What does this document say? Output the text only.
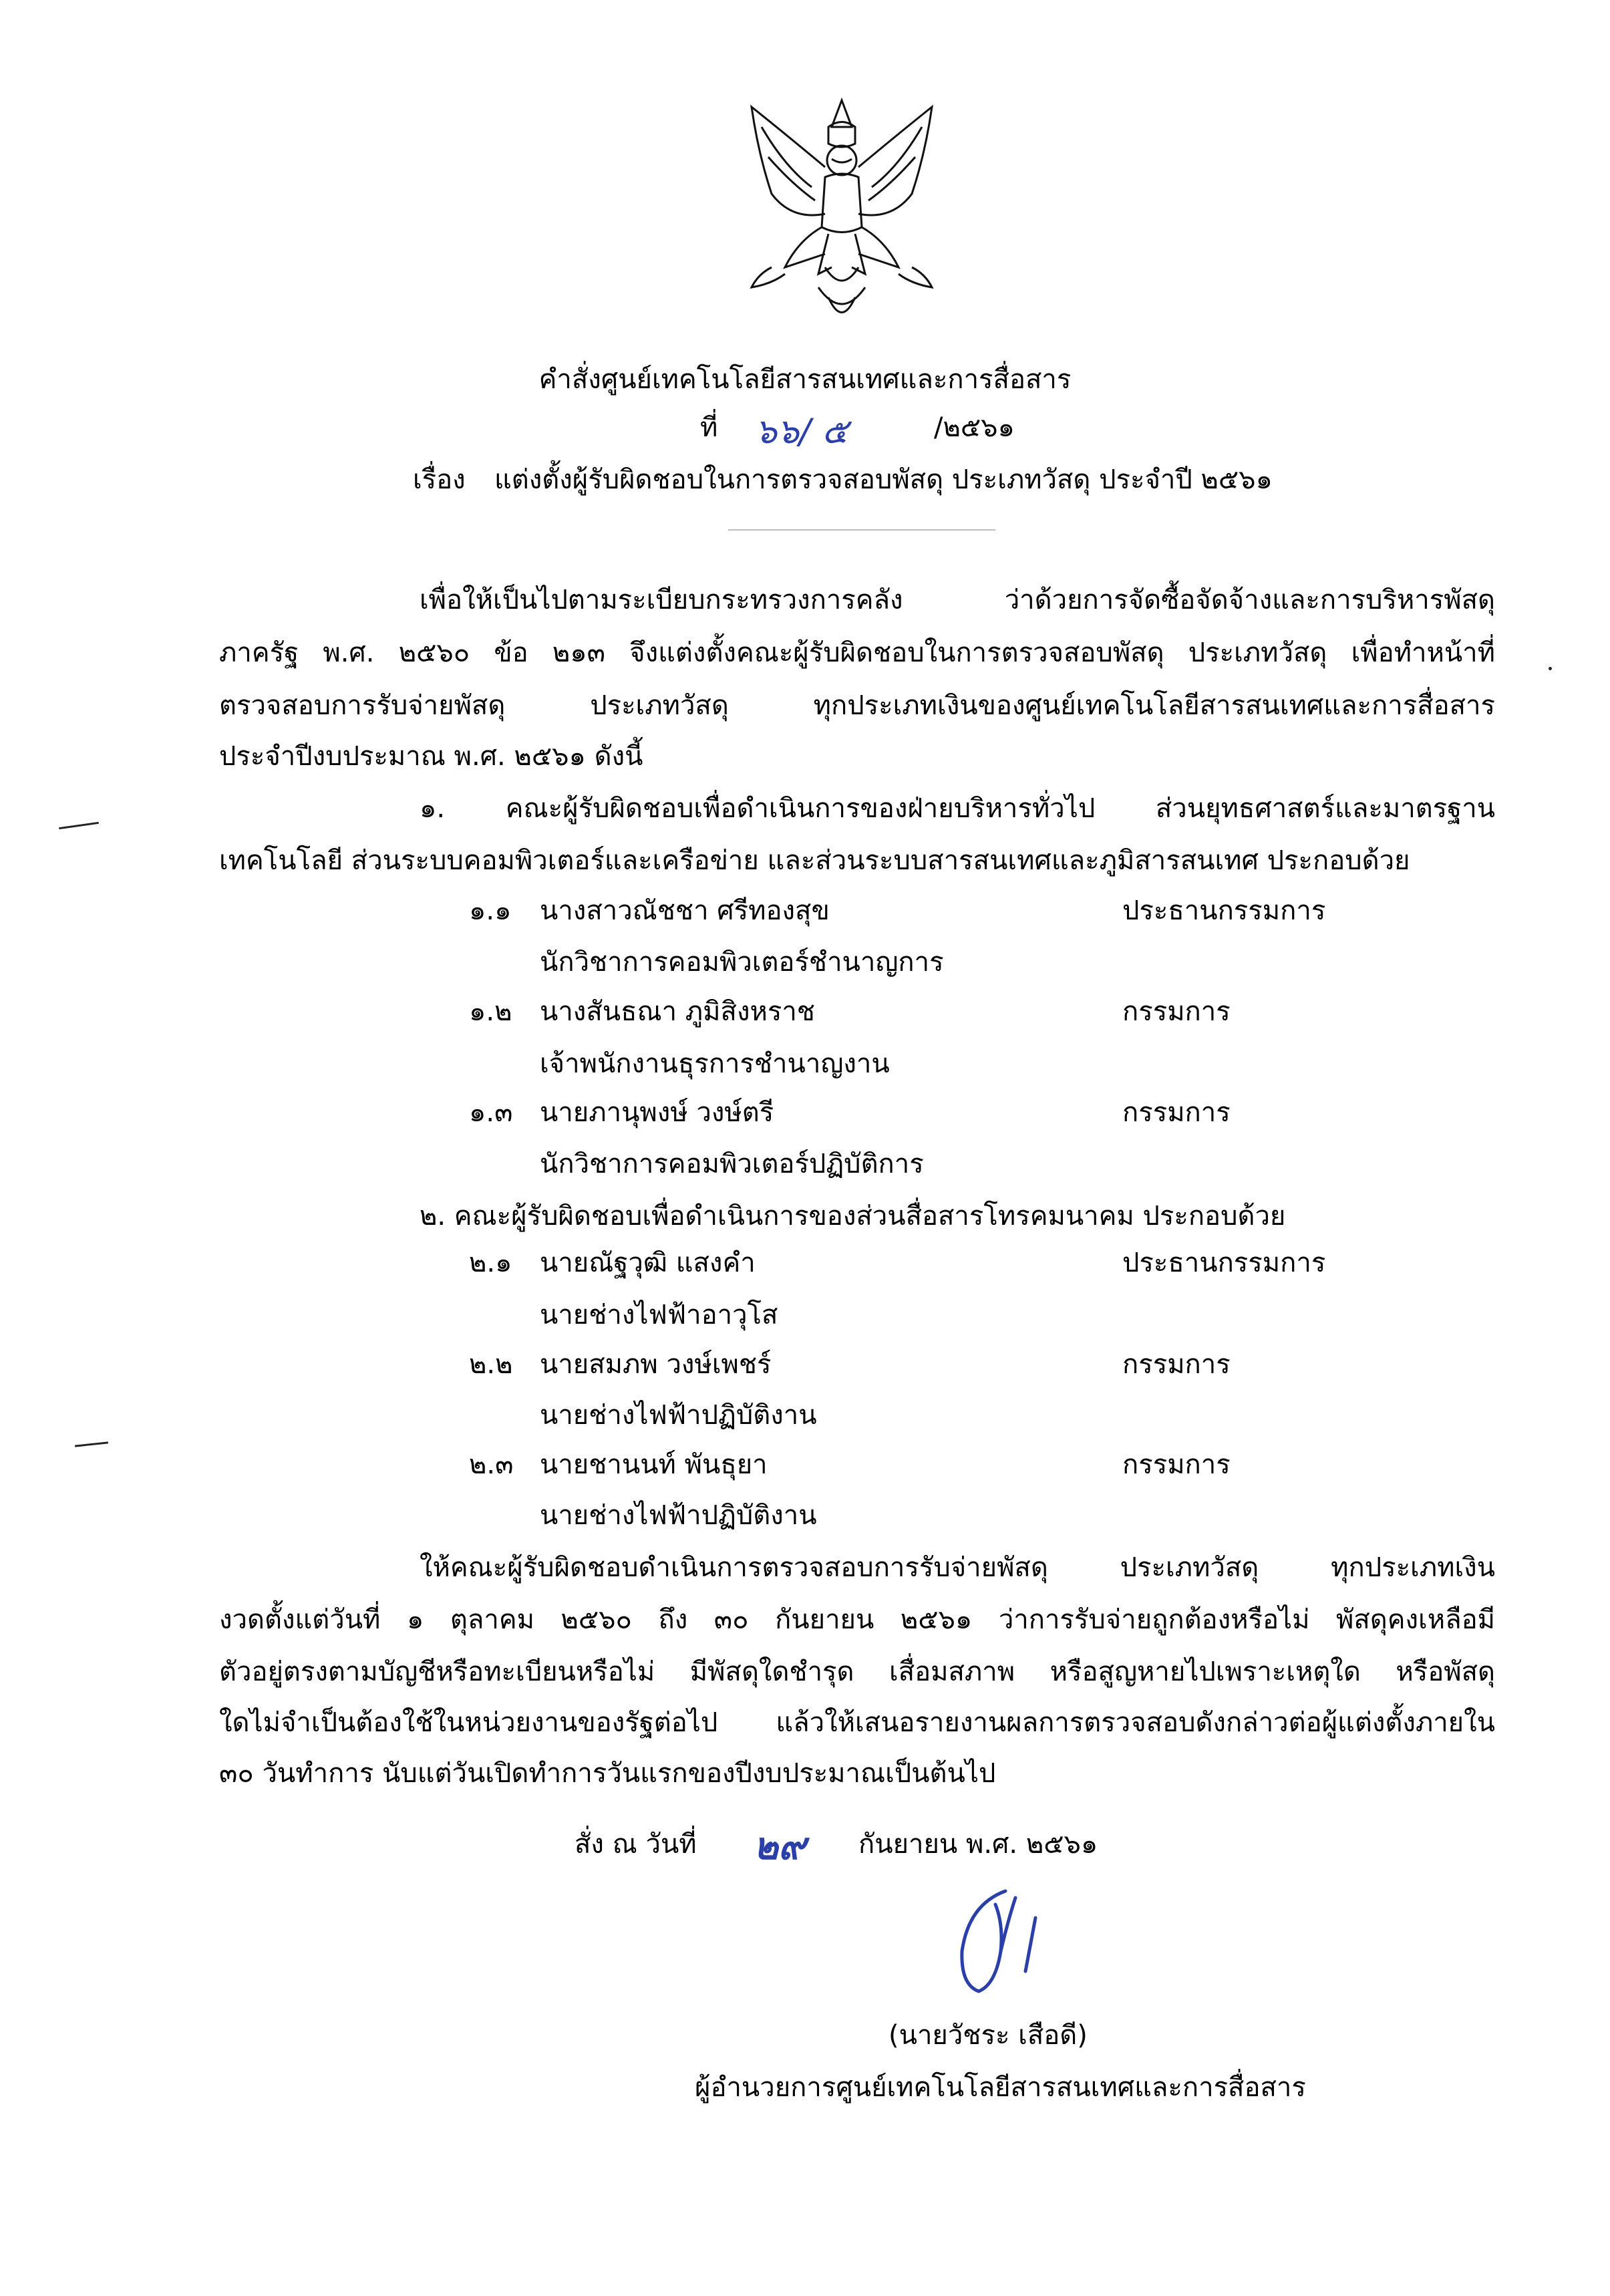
คำสั่งศูนย์เทคโนโลยีสารสนเทศและการสื่อสาร
ที่ ๖๖/ ๕	/๒๕๖๑
เรื่อง แต่งตั้งผู้รับผิดชอบในการตรวจสอบพัสดุ ประเภทวัสดุ ประจำปี ๒๕๖๑
เพื่อให้เป็นไปตามระเบียบกระทรวงการคลัง ว่าด้วยการจัดซื้อจัดจ้างและการบริหารพัสดุ
ภาครัฐ พ.ศ. ๒๕๖๐ ข้อ ๒๑๓ จึงแต่งตั้งคณะผู้รับผิดชอบในการตรวจสอบพัสดุ ประเภทวัสดุ เพื่อทำหน้าที่
ตรวจสอบการรับจ่ายพัสดุ ประเภทวัสดุ ทุกประเภทเงินของศูนย์เทคโนโลยีสารสนเทศและการสื่อสาร
ประจำปีงบประมาณ พ.ศ. ๒๕๖๑ ดังนี้
๑. คณะผู้รับผิดชอบเพื่อดำเนินการของฝ่ายบริหารทั่วไป ส่วนยุทธศาสตร์และมาตรฐาน
เทคโนโลยี ส่วนระบบคอมพิวเตอร์และเครือข่าย และส่วนระบบสารสนเทศและภูมิสารสนเทศ ประกอบด้วย
๑.๑ นางสาวณัชชา ศรีทองสุข	ประธานกรรมการ
นักวิชาการคอมพิวเตอร์ชำนาญการ
๑.๒ นางสันธณา ภูมิสิงหราช	กรรมการ
เจ้าพนักงานธุรการชำนาญงาน
๑.๓ นายภานุพงษ์ วงษ์ตรี	กรรมการ
นักวิชาการคอมพิวเตอร์ปฏิบัติการ
๒. คณะผู้รับผิดชอบเพื่อดำเนินการของส่วนสื่อสารโทรคมนาคม ประกอบด้วย
๒.๑ นายณัฐวุฒิ แสงคำ	ประธานกรรมการ
นายช่างไฟฟ้าอาวุโส
๒.๒ นายสมภพ วงษ์เพชร์	กรรมการ
นายช่างไฟฟ้าปฏิบัติงาน
๒.๓ นายชานนท์ พันธุยา	กรรมการ
นายช่างไฟฟ้าปฏิบัติงาน
ให้คณะผู้รับผิดชอบดำเนินการตรวจสอบการรับจ่ายพัสดุ ประเภทวัสดุ ทุกประเภทเงิน
งวดตั้งแต่วันที่ ๑ ตุลาคม ๒๕๖๐ ถึง ๓๐ กันยายน ๒๕๖๑ ว่าการรับจ่ายถูกต้องหรือไม่ พัสดุคงเหลือมี
ตัวอยู่ตรงตามบัญชีหรือทะเบียนหรือไม่ มีพัสดุใดชำรุด เสื่อมสภาพ หรือสูญหายไปเพราะเหตุใด หรือพัสดุ
ใดไม่จำเป็นต้องใช้ในหน่วยงานของรัฐต่อไป แล้วให้เสนอรายงานผลการตรวจสอบดังกล่าวต่อผู้แต่งตั้งภายใน
๓๐ วันทำการ นับแต่วันเปิดทำการวันแรกของปีงบประมาณเป็นต้นไป
สั่ง ณ วันที่ ๒๙ กันยายน พ.ศ. ๒๕๖๑
(นายวัชระ เสือดี)
ผู้อำนวยการศูนย์เทคโนโลยีสารสนเทศและการสื่อสาร
